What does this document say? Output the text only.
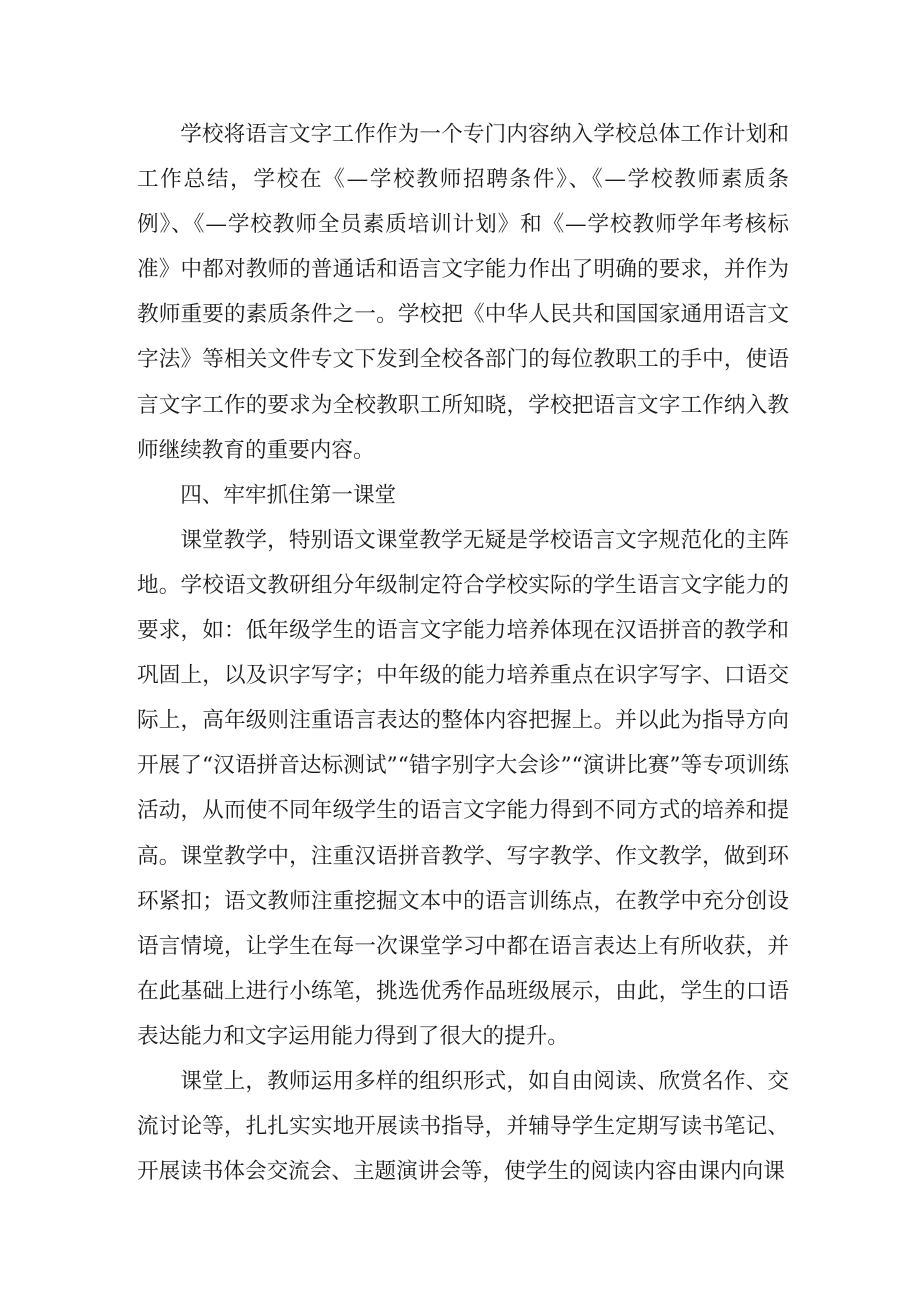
学校将语言文字工作作为一个专门内容纳入学校总体工作计划和工作总结，学校在《—学校教师招聘条件》、《—学校教师素质条例》、《—学校教师全员素质培训计划》和《—学校教师学年考核标准》中都对教师的普通话和语言文字能力作出了明确的要求，并作为教师重要的素质条件之一。学校把《中华人民共和国国家通用语言文字法》等相关文件专文下发到全校各部门的每位教职工的手中，使语言文字工作的要求为全校教职工所知晓，学校把语言文字工作纳入教师继续教育的重要内容。

四、牢牢抓住第一课堂

课堂教学，特别语文课堂教学无疑是学校语言文字规范化的主阵地。学校语文教研组分年级制定符合学校实际的学生语言文字能力的要求，如：低年级学生的语言文字能力培养体现在汉语拼音的教学和巩固上，以及识字写字；中年级的能力培养重点在识字写字、口语交际上，高年级则注重语言表达的整体内容把握上。并以此为指导方向开展了“汉语拼音达标测试”“错字别字大会诊”“演讲比赛”等专项训练活动，从而使不同年级学生的语言文字能力得到不同方式的培养和提高。课堂教学中，注重汉语拼音教学、写字教学、作文教学，做到环环紧扣；语文教师注重挖掘文本中的语言训练点，在教学中充分创设语言情境，让学生在每一次课堂学习中都在语言表达上有所收获，并在此基础上进行小练笔，挑选优秀作品班级展示，由此，学生的口语表达能力和文字运用能力得到了很大的提升。

课堂上，教师运用多样的组织形式，如自由阅读、欣赏名作、交流讨论等，扎扎实实地开展读书指导，并辅导学生定期写读书笔记、开展读书体会交流会、主题演讲会等，使学生的阅读内容由课内向课
